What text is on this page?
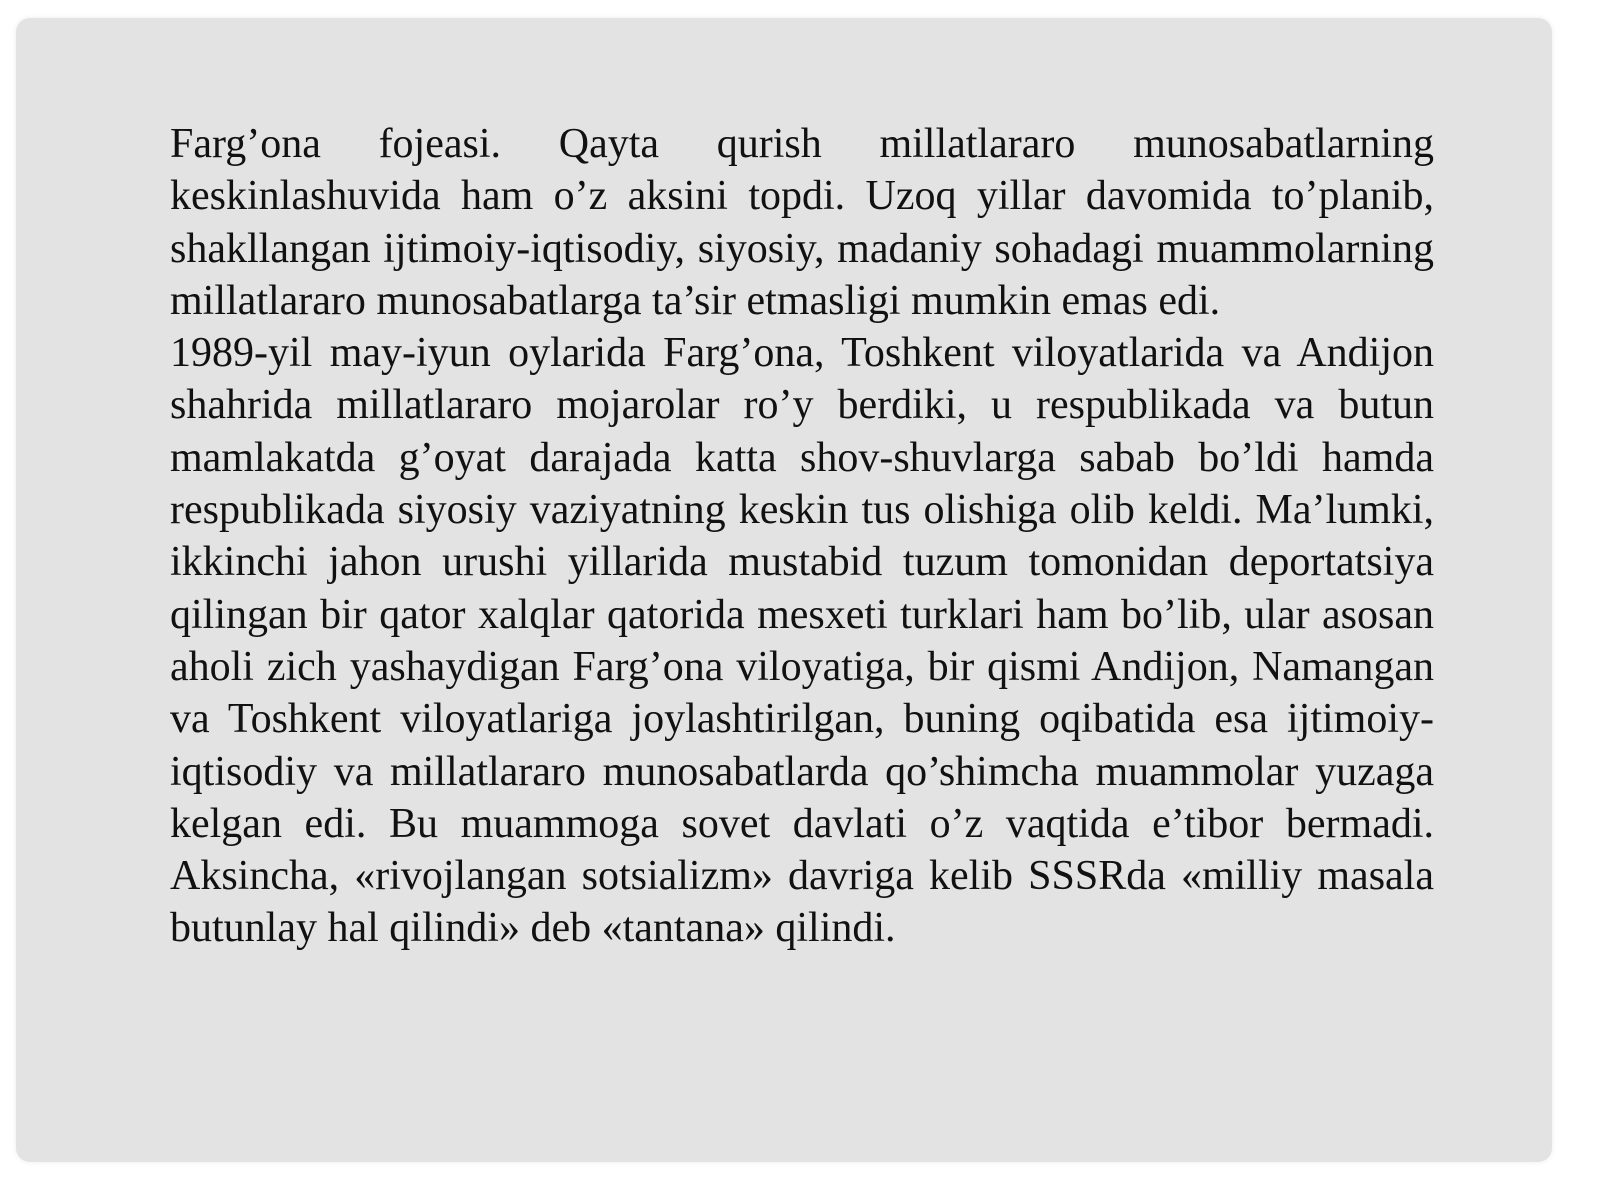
Farg’ona fojeasi. Qayta qurish millatlararo munosabatlarning keskinlashuvida ham o’z aksini topdi. Uzoq yillar davomida to’planib, shakllangan ijtimoiy-iqtisodiy, siyosiy, madaniy sohadagi muammolarning millatlararo munosabatlarga ta’sir etmasligi mumkin emas edi.

1989-yil may-iyun oylarida Farg’ona, Toshkent viloyatlarida va Andijon shahrida millatlararo mojarolar ro’y berdiki, u respublikada va butun mamlakatda g’oyat darajada katta shov-shuvlarga sabab bo’ldi hamda respublikada siyosiy vaziyatning keskin tus olishiga olib keldi. Ma’lumki, ikkinchi jahon urushi yillarida mustabid tuzum tomonidan deportatsiya qilingan bir qator xalqlar qatorida mesxeti turklari ham bo’lib, ular asosan aholi zich yashaydigan Farg’ona viloyatiga, bir qismi Andijon, Namangan va Toshkent viloyatlariga joylashtirilgan, buning oqibatida esa ijtimoiy-iqtisodiy va millatlararo munosabatlarda qo’shimcha muammolar yuzaga kelgan edi. Bu muammoga sovet davlati o’z vaqtida e’tibor bermadi. Aksincha, «rivojlangan sotsializm» davriga kelib SSSRda «milliy masala butunlay hal qilindi» deb «tantana» qilindi.
